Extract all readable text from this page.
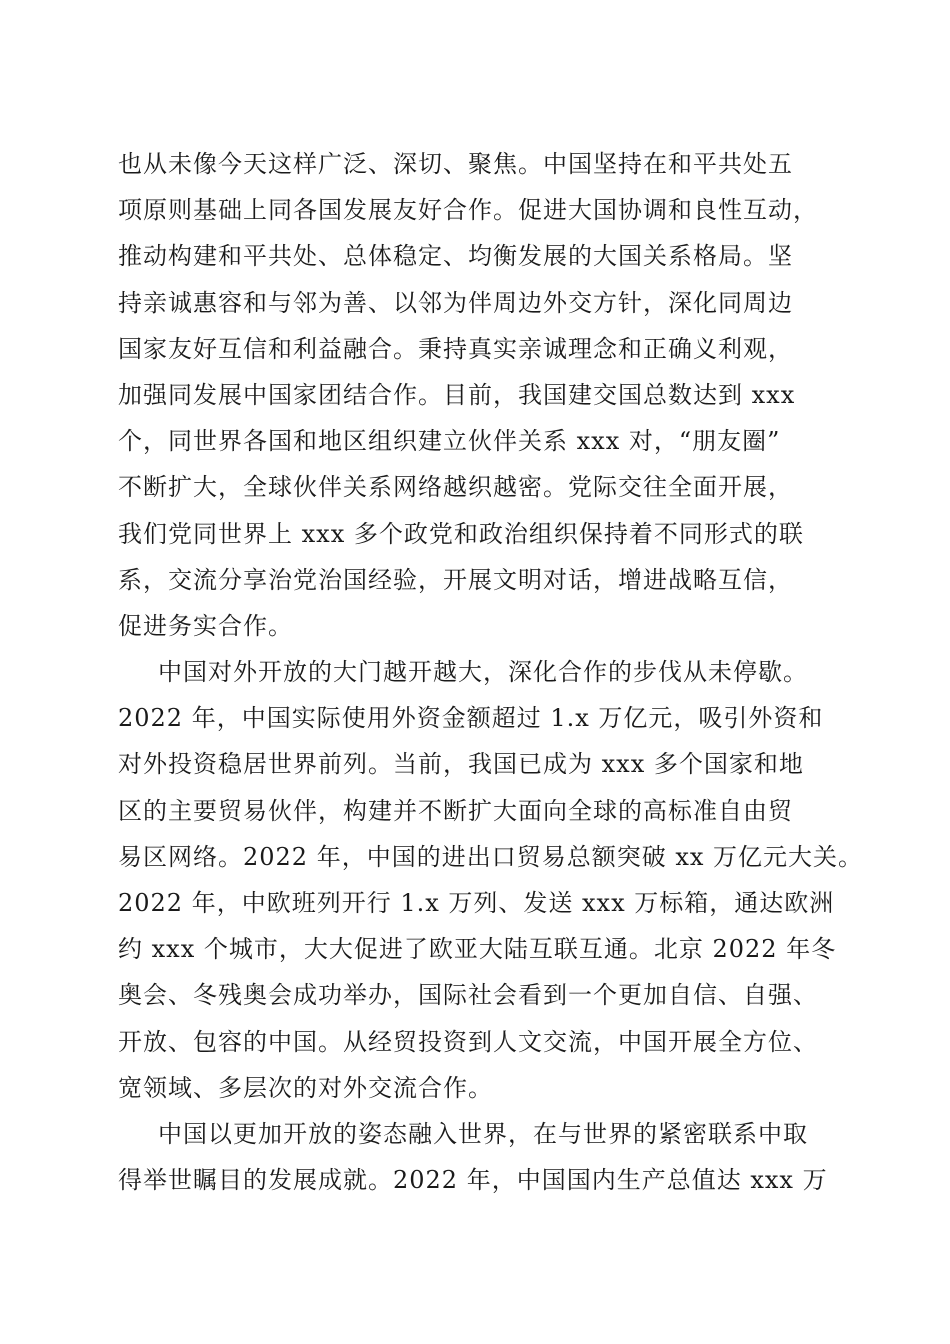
也从未像今天这样广泛、深切、聚焦。中国坚持在和平共处五
项原则基础上同各国发展友好合作。促进大国协调和良性互动，
推动构建和平共处、总体稳定、均衡发展的大国关系格局。坚
持亲诚惠容和与邻为善、以邻为伴周边外交方针，深化同周边
国家友好互信和利益融合。秉持真实亲诚理念和正确义利观，
加强同发展中国家团结合作。目前，我国建交国总数达到 xxx
个，同世界各国和地区组织建立伙伴关系 xxx 对，“朋友圈”
不断扩大，全球伙伴关系网络越织越密。党际交往全面开展，
我们党同世界上 xxx 多个政党和政治组织保持着不同形式的联
系，交流分享治党治国经验，开展文明对话，增进战略互信，
促进务实合作。
中国对外开放的大门越开越大，深化合作的步伐从未停歇。
2022 年，中国实际使用外资金额超过 1.x 万亿元，吸引外资和
对外投资稳居世界前列。当前，我国已成为 xxx 多个国家和地
区的主要贸易伙伴，构建并不断扩大面向全球的高标准自由贸
易区网络。2022 年，中国的进出口贸易总额突破 xx 万亿元大关。
2022 年，中欧班列开行 1.x 万列、发送 xxx 万标箱，通达欧洲
约 xxx 个城市，大大促进了欧亚大陆互联互通。北京 2022 年冬
奥会、冬残奥会成功举办，国际社会看到一个更加自信、自强、
开放、包容的中国。从经贸投资到人文交流，中国开展全方位、
宽领域、多层次的对外交流合作。
中国以更加开放的姿态融入世界，在与世界的紧密联系中取
得举世瞩目的发展成就。2022 年，中国国内生产总值达 xxx 万
